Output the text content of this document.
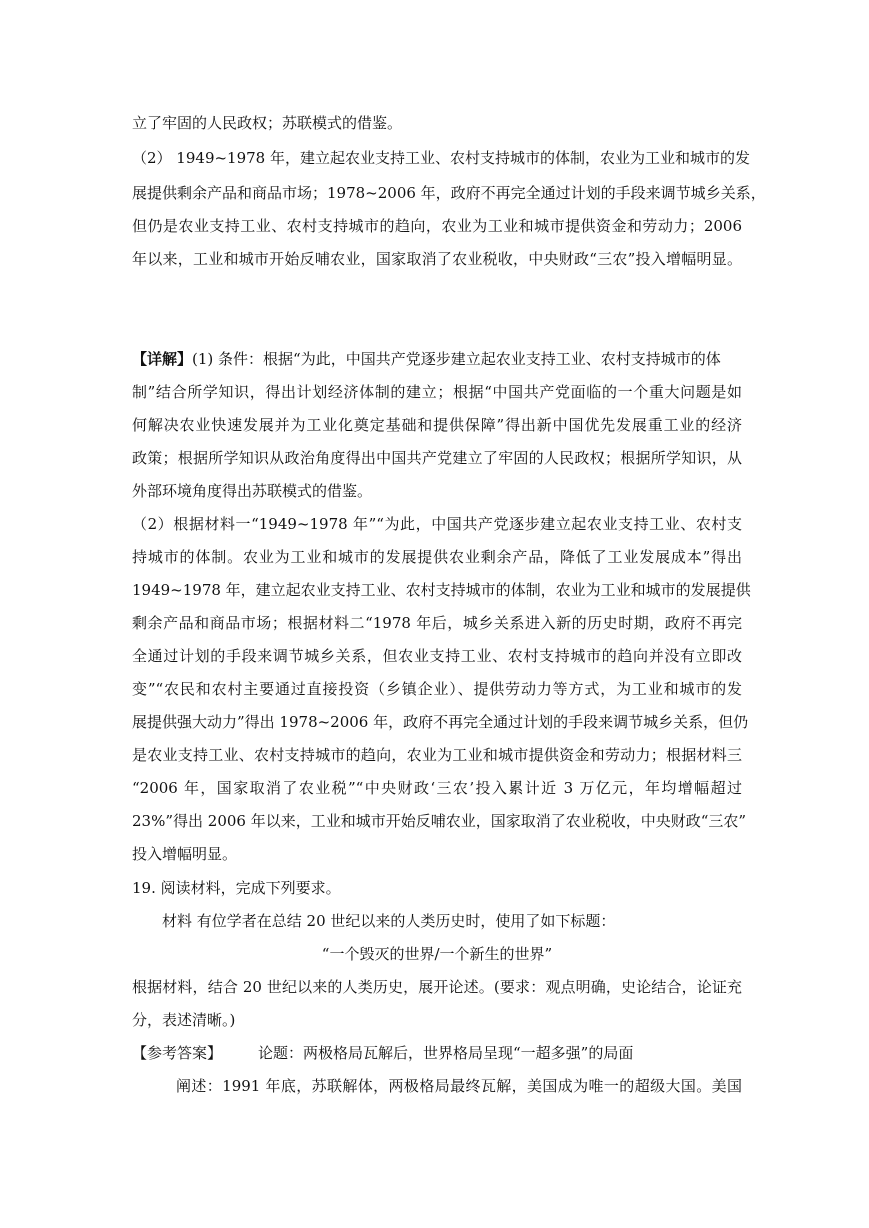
立了牢固的人民政权；苏联模式的借鉴。
（2） 1949~1978 年，建立起农业支持工业、农村支持城市的体制，农业为工业和城市的发
展提供剩余产品和商品市场；1978~2006 年，政府不再完全通过计划的手段来调节城乡关系，
但仍是农业支持工业、农村支持城市的趋向，农业为工业和城市提供资金和劳动力；2006
年以来，工业和城市开始反哺农业，国家取消了农业税收，中央财政“三农”投入增幅明显。
【详解】(1) 条件：根据“为此，中国共产党逐步建立起农业支持工业、农村支持城市的体
制”结合所学知识，得出计划经济体制的建立；根据“中国共产党面临的一个重大问题是如
何解决农业快速发展并为工业化奠定基础和提供保障”得出新中国优先发展重工业的经济
政策；根据所学知识从政治角度得出中国共产党建立了牢固的人民政权；根据所学知识，从
外部环境角度得出苏联模式的借鉴。
（2）根据材料一“1949~1978 年”“为此，中国共产党逐步建立起农业支持工业、农村支
持城市的体制。农业为工业和城市的发展提供农业剩余产品，降低了工业发展成本”得出
1949~1978 年，建立起农业支持工业、农村支持城市的体制，农业为工业和城市的发展提供
剩余产品和商品市场；根据材料二“1978 年后，城乡关系进入新的历史时期，政府不再完
全通过计划的手段来调节城乡关系，但农业支持工业、农村支持城市的趋向并没有立即改
变”“农民和农村主要通过直接投资（乡镇企业）、提供劳动力等方式，为工业和城市的发
展提供强大动力”得出 1978~2006 年，政府不再完全通过计划的手段来调节城乡关系，但仍
是农业支持工业、农村支持城市的趋向，农业为工业和城市提供资金和劳动力；根据材料三
“2006 年，国家取消了农业税”“中央财政‘三农’投入累计近 3 万亿元，年均增幅超过
23%”得出 2006 年以来，工业和城市开始反哺农业，国家取消了农业税收，中央财政“三农”
投入增幅明显。
19. 阅读材料，完成下列要求。
材料 有位学者在总结 20 世纪以来的人类历史时，使用了如下标题：
“一个毁灭的世界/一个新生的世界”
根据材料，结合 20 世纪以来的人类历史，展开论述。(要求：观点明确，史论结合，论证充
分，表述清晰。)
【参考答案】 论题：两极格局瓦解后，世界格局呈现“一超多强”的局面
阐述：1991 年底，苏联解体，两极格局最终瓦解，美国成为唯一的超级大国。美国
